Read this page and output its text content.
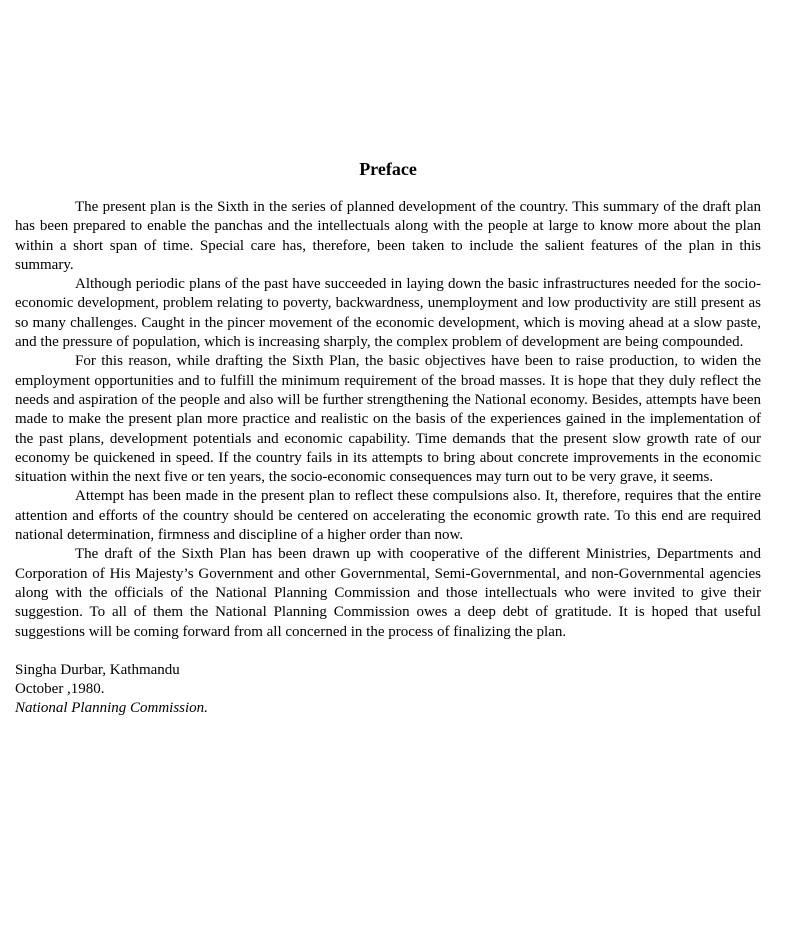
Preface

The present plan is the Sixth in the series of planned development of the country. This summary of the draft plan has been prepared to enable the panchas and the intellectuals along with the people at large to know more about the plan within a short span of time. Special care has, therefore, been taken to include the salient features of the plan in this summary.

Although periodic plans of the past have succeeded in laying down the basic infrastructures needed for the socio-economic development, problem relating to poverty, backwardness, unemployment and low productivity are still present as so many challenges. Caught in the pincer movement of the economic development, which is moving ahead at a slow paste, and the pressure of population, which is increasing sharply, the complex problem of development are being compounded.

For this reason, while drafting the Sixth Plan, the basic objectives have been to raise production, to widen the employment opportunities and to fulfill the minimum requirement of the broad masses. It is hope that they duly reflect the needs and aspiration of the people and also will be further strengthening the National economy. Besides, attempts have been made to make the present plan more practice and realistic on the basis of the experiences gained in the implementation of the past plans, development potentials and economic capability. Time demands that the present slow growth rate of our economy be quickened in speed. If the country fails in its attempts to bring about concrete improvements in the economic situation within the next five or ten years, the socio-economic consequences may turn out to be very grave, it seems.

Attempt has been made in the present plan to reflect these compulsions also. It, therefore, requires that the entire attention and efforts of the country should be centered on accelerating the economic growth rate. To this end are required national determination, firmness and discipline of a higher order than now.

The draft of the Sixth Plan has been drawn up with cooperative of the different Ministries, Departments and Corporation of His Majesty’s Government and other Governmental, Semi-Governmental, and non-Governmental agencies along with the officials of the National Planning Commission and those intellectuals who were invited to give their suggestion. To all of them the National Planning Commission owes a deep debt of gratitude. It is hoped that useful suggestions will be coming forward from all concerned in the process of finalizing the plan.

Singha Durbar, Kathmandu
October ,1980.
National Planning Commission.
